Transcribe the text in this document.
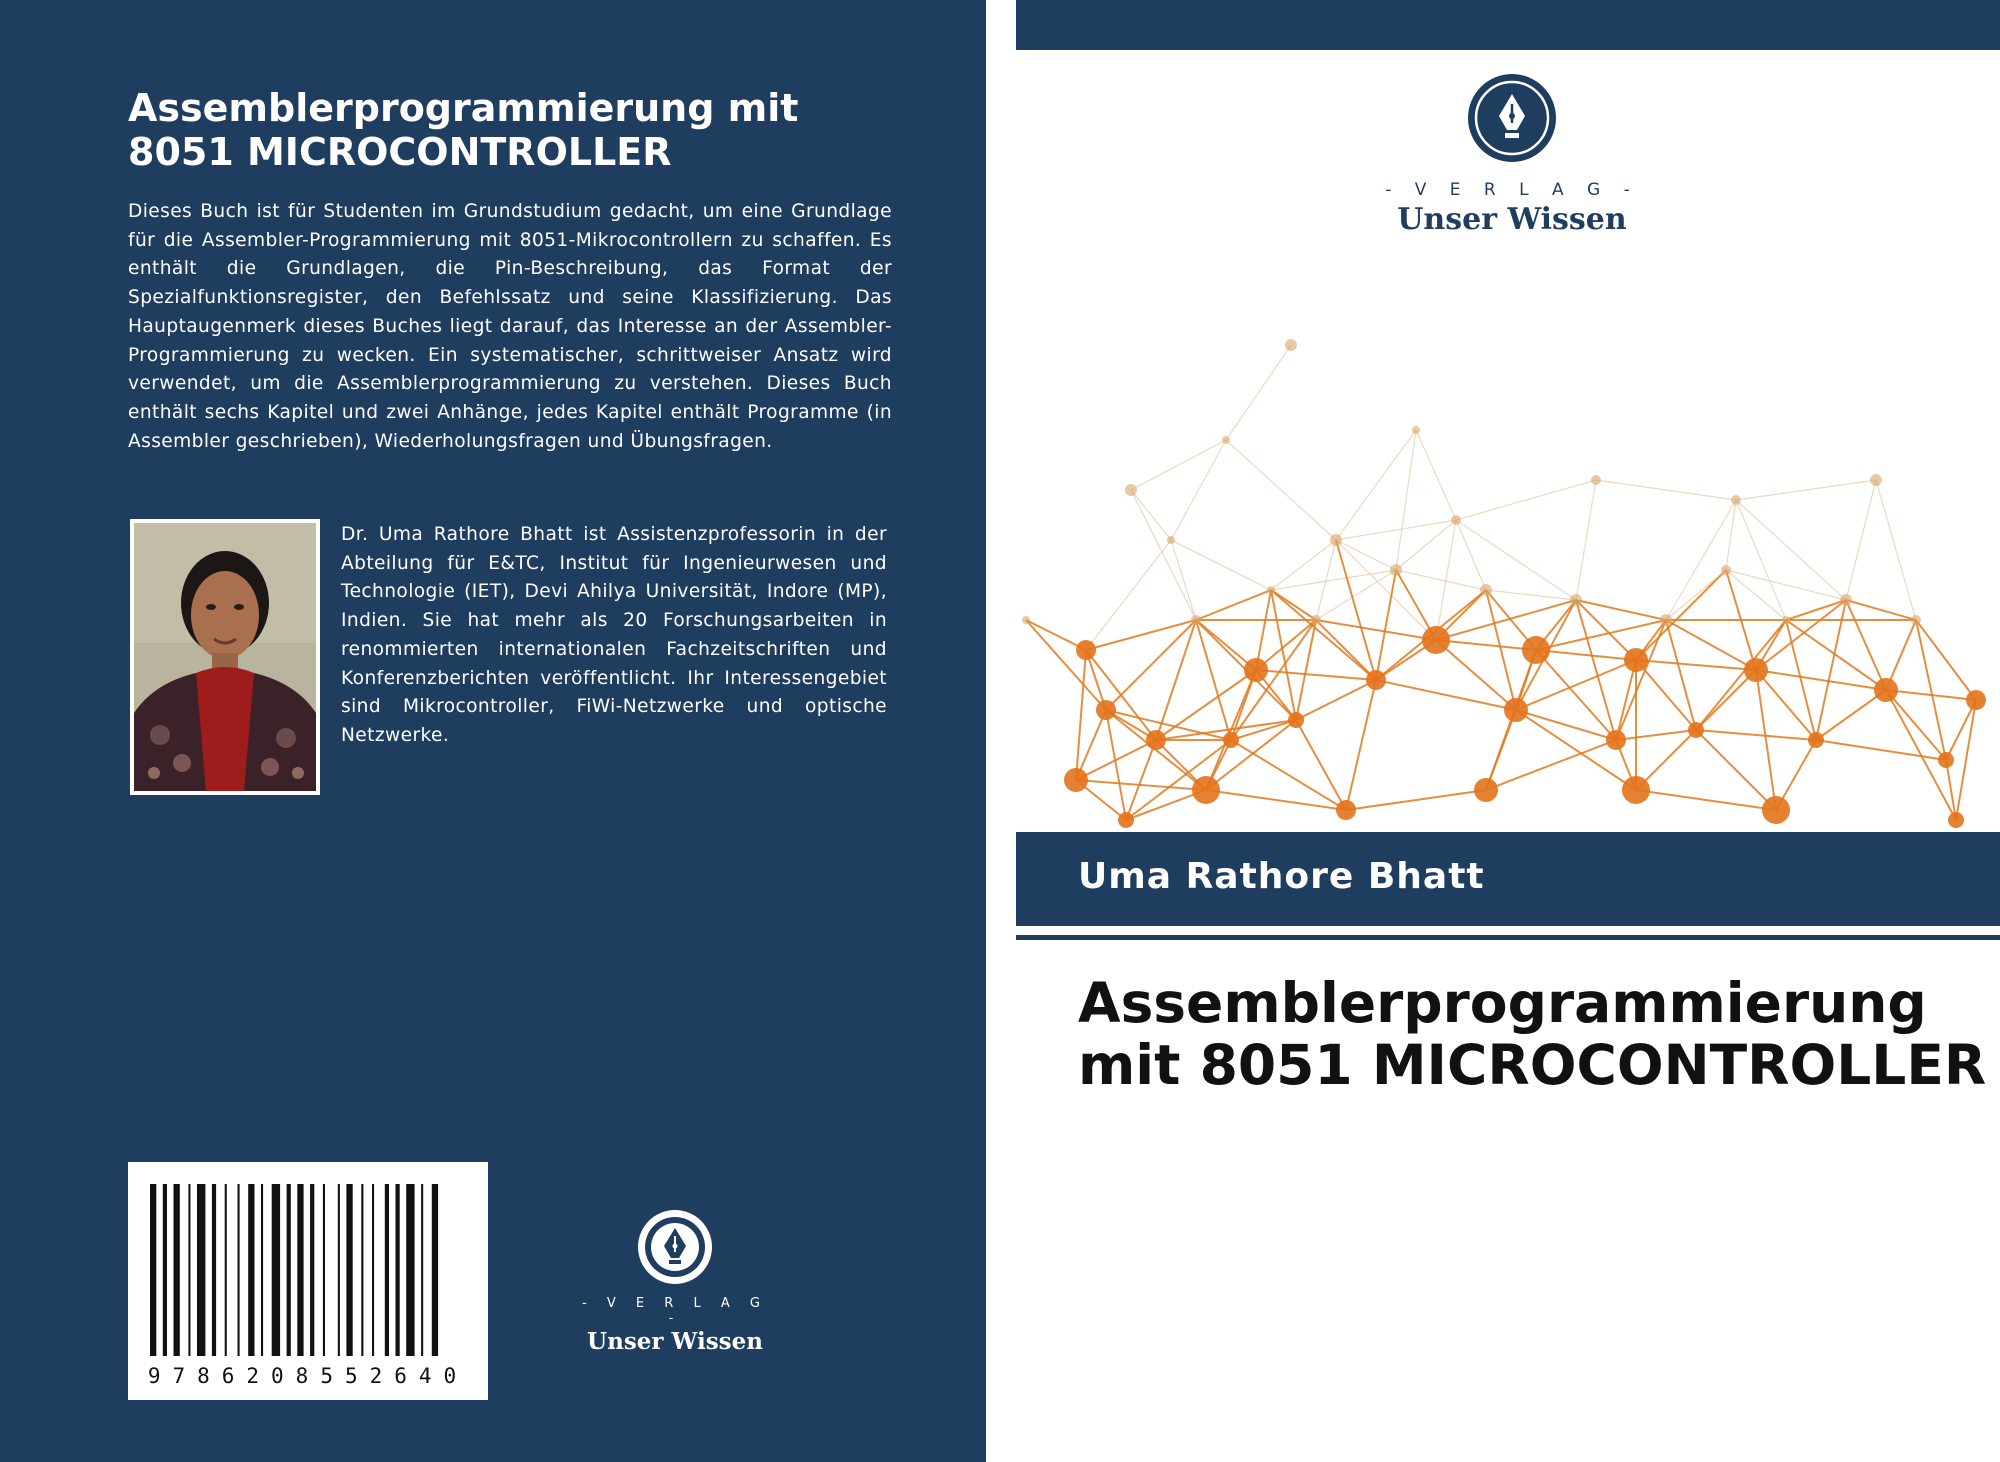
Assemblerprogrammierung mit 8051 MICROCONTROLLER
Dieses Buch ist für Studenten im Grundstudium gedacht, um eine Grundlage für die Assembler-Programmierung mit 8051-Mikrocontrollern zu schaffen. Es enthält die Grundlagen, die Pin-Beschreibung, das Format der Spezialfunktionsregister, den Befehlssatz und seine Klassifizierung. Das Hauptaugenmerk dieses Buches liegt darauf, das Interesse an der Assembler-Programmierung zu wecken. Ein systematischer, schrittweiser Ansatz wird verwendet, um die Assemblerprogrammierung zu verstehen. Dieses Buch enthält sechs Kapitel und zwei Anhänge, jedes Kapitel enthält Programme (in Assembler geschrieben), Wiederholungsfragen und Übungsfragen.
Dr. Uma Rathore Bhatt ist Assistenzprofessorin in der Abteilung für E&TC, Institut für Ingenieurwesen und Technologie (IET), Devi Ahilya Universität, Indore (MP), Indien. Sie hat mehr als 20 Forschungsarbeiten in renommierten internationalen Fachzeitschriften und Konferenzberichten veröffentlicht. Ihr Interessengebiet sind Mikrocontroller, FiWi-Netzwerke und optische Netzwerke.
9786208552640
- V E R L A G -
Unser Wissen
- V E R L A G -
Unser Wissen
Uma Rathore Bhatt
Assemblerprogrammierung mit 8051 MICROCONTROLLER
